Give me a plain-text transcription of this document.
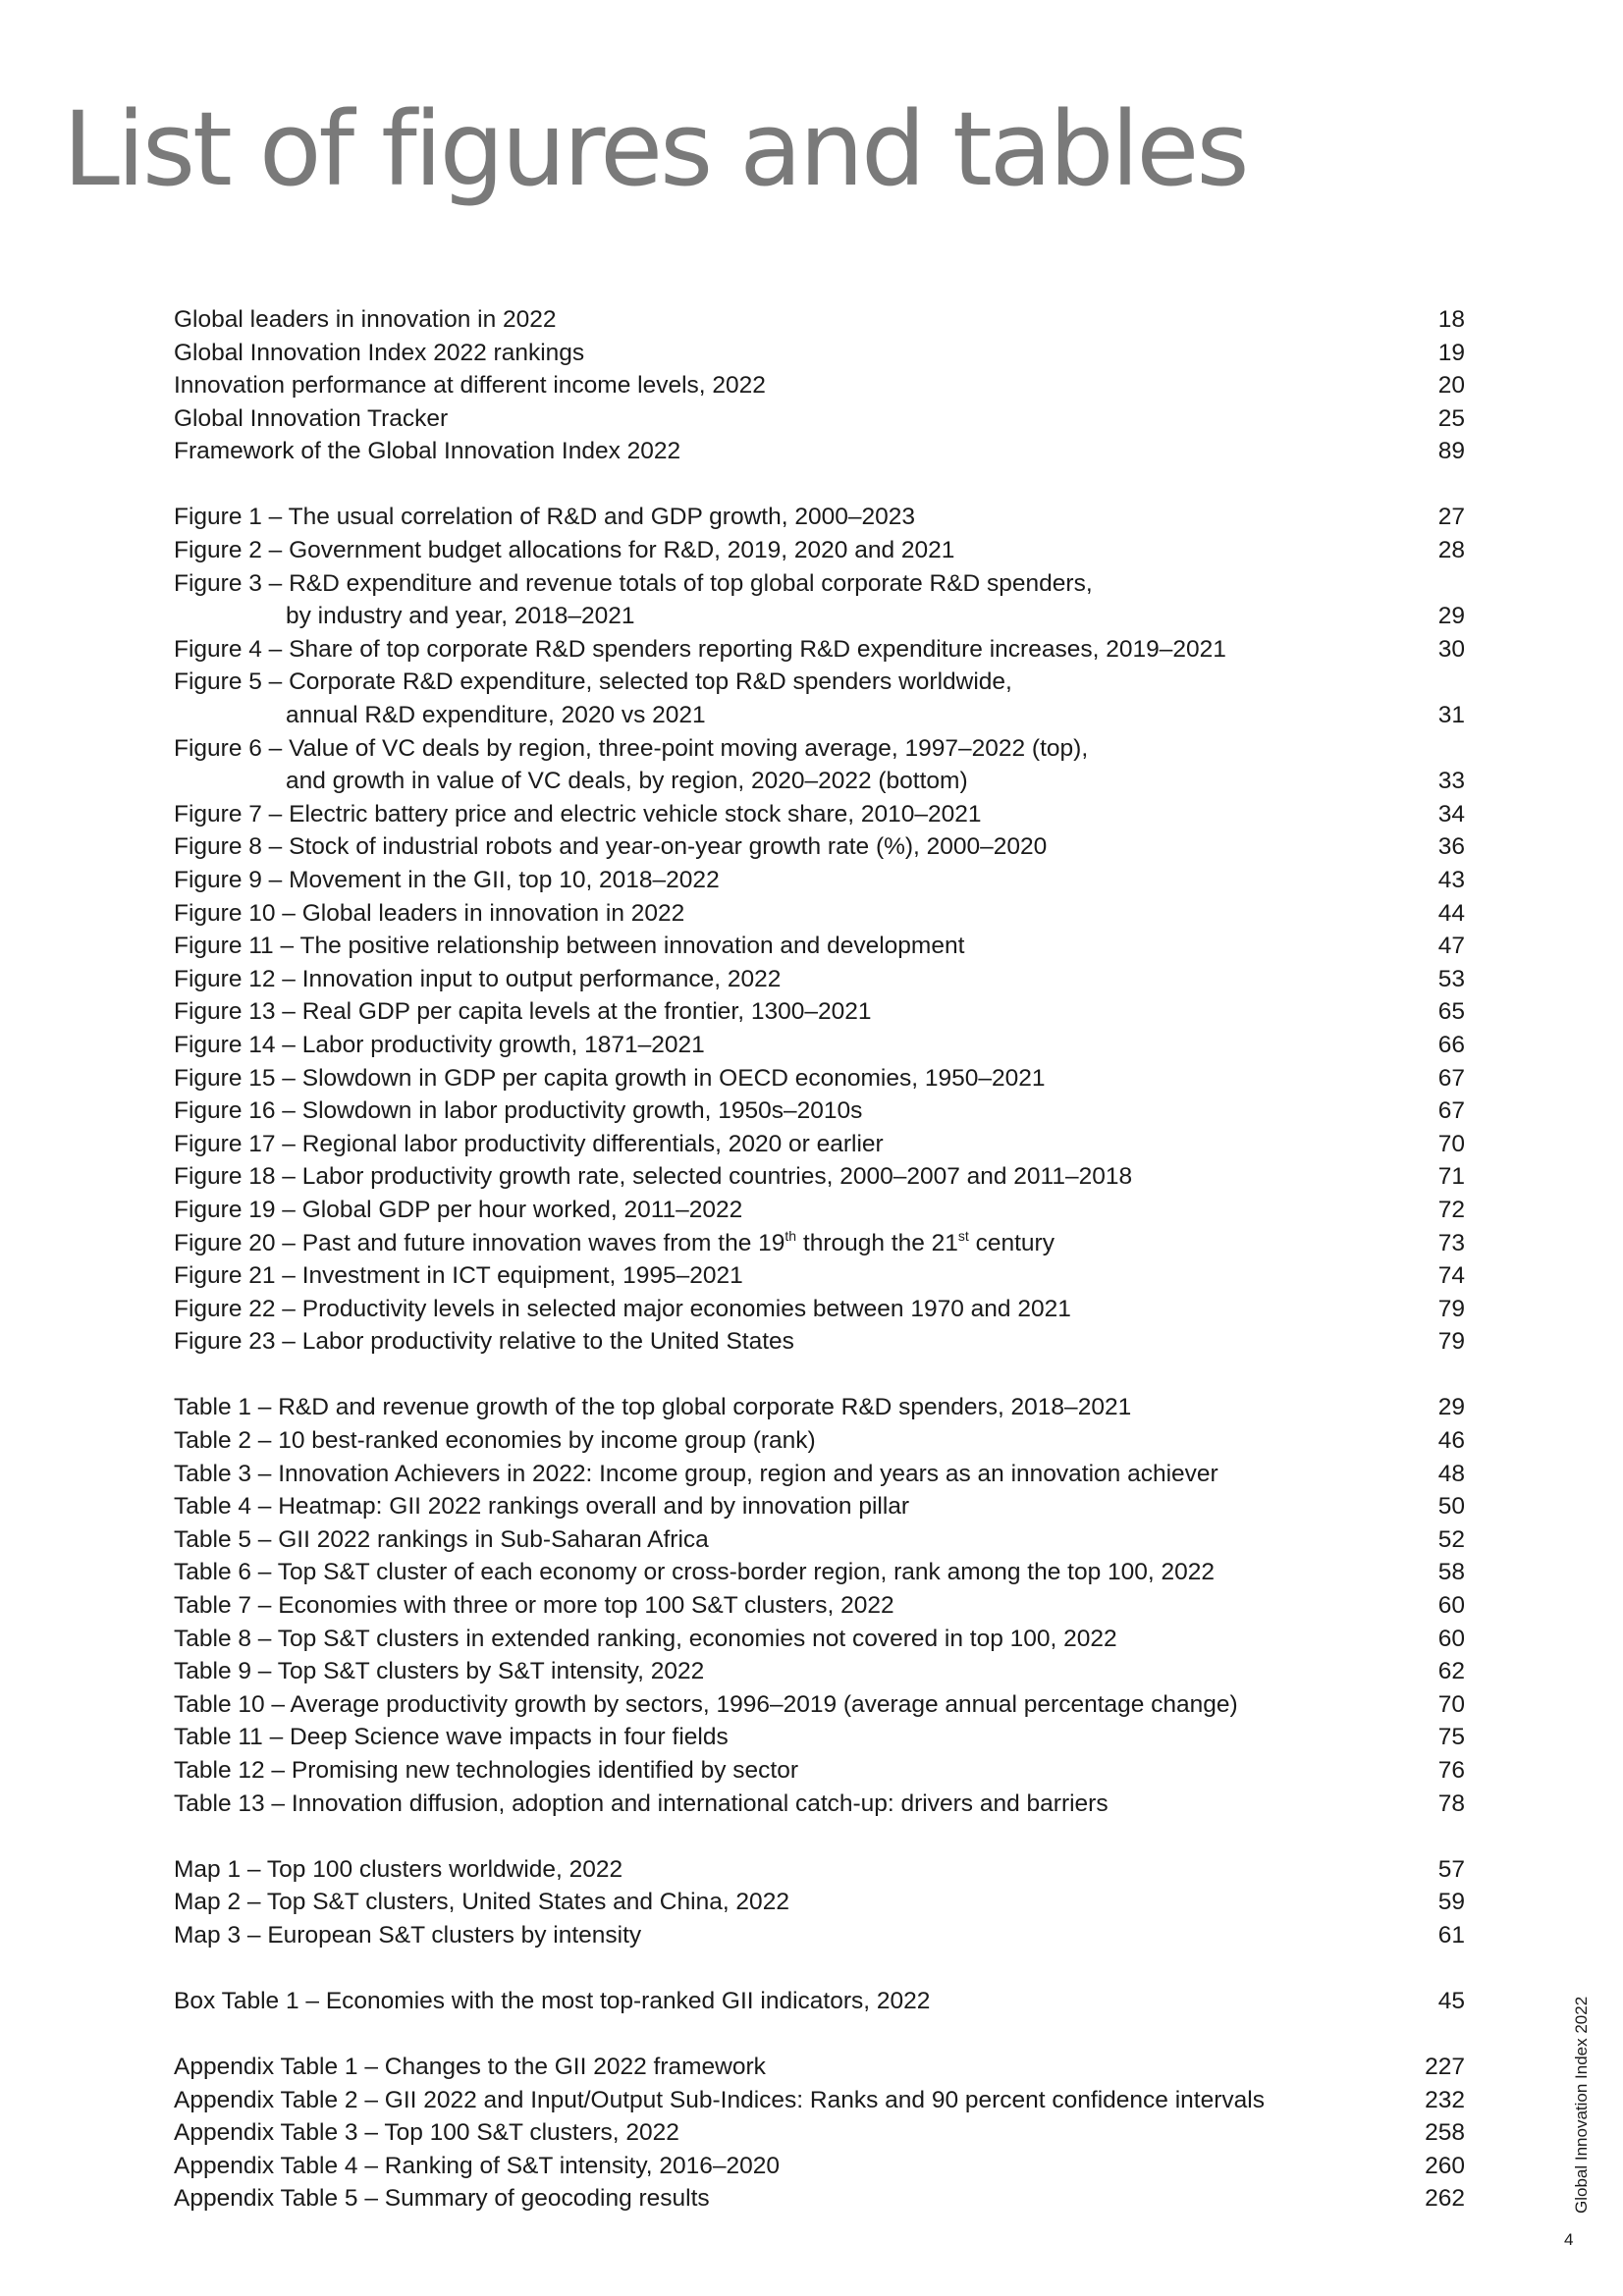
List of figures and tables
Global leaders in innovation in 2022	18
Global Innovation Index 2022 rankings	19
Innovation performance at different income levels, 2022	20
Global Innovation Tracker	25
Framework of the Global Innovation Index 2022	89
Figure 1 – The usual correlation of R&D and GDP growth, 2000–2023	27
Figure 2 – Government budget allocations for R&D, 2019, 2020 and 2021	28
Figure 3 – R&D expenditure and revenue totals of top global corporate R&D spenders,
by industry and year, 2018–2021	29
Figure 4 – Share of top corporate R&D spenders reporting R&D expenditure increases, 2019–2021	30
Figure 5 – Corporate R&D expenditure, selected top R&D spenders worldwide,
annual R&D expenditure, 2020 vs 2021	31
Figure 6 – Value of VC deals by region, three-point moving average, 1997–2022 (top),
and growth in value of VC deals, by region, 2020–2022 (bottom)	33
Figure 7 – Electric battery price and electric vehicle stock share, 2010–2021	34
Figure 8 – Stock of industrial robots and year-on-year growth rate (%), 2000–2020	36
Figure 9 – Movement in the GII, top 10, 2018–2022	43
Figure 10 – Global leaders in innovation in 2022	44
Figure 11 – The positive relationship between innovation and development	47
Figure 12 – Innovation input to output performance, 2022	53
Figure 13 – Real GDP per capita levels at the frontier, 1300–2021	65
Figure 14 – Labor productivity growth, 1871–2021	66
Figure 15 – Slowdown in GDP per capita growth in OECD economies, 1950–2021	67
Figure 16 – Slowdown in labor productivity growth, 1950s–2010s	67
Figure 17 – Regional labor productivity differentials, 2020 or earlier	70
Figure 18 – Labor productivity growth rate, selected countries, 2000–2007 and 2011–2018	71
Figure 19 – Global GDP per hour worked, 2011–2022	72
Figure 20 – Past and future innovation waves from the 19th through the 21st century	73
Figure 21 – Investment in ICT equipment, 1995–2021	74
Figure 22 – Productivity levels in selected major economies between 1970 and 2021	79
Figure 23 – Labor productivity relative to the United States	79
Table 1 – R&D and revenue growth of the top global corporate R&D spenders, 2018–2021	29
Table 2 – 10 best-ranked economies by income group (rank)	46
Table 3 – Innovation Achievers in 2022: Income group, region and years as an innovation achiever	48
Table 4 – Heatmap: GII 2022 rankings overall and by innovation pillar	50
Table 5 – GII 2022 rankings in Sub-Saharan Africa	52
Table 6 – Top S&T cluster of each economy or cross-border region, rank among the top 100, 2022	58
Table 7 – Economies with three or more top 100 S&T clusters, 2022	60
Table 8 – Top S&T clusters in extended ranking, economies not covered in top 100, 2022	60
Table 9 – Top S&T clusters by S&T intensity, 2022	62
Table 10 – Average productivity growth by sectors, 1996–2019 (average annual percentage change)	70
Table 11 – Deep Science wave impacts in four fields	75
Table 12 – Promising new technologies identified by sector	76
Table 13 – Innovation diffusion, adoption and international catch-up: drivers and barriers	78
Map 1 – Top 100 clusters worldwide, 2022	57
Map 2 – Top S&T clusters, United States and China, 2022	59
Map 3 – European S&T clusters by intensity	61
Box Table 1 – Economies with the most top-ranked GII indicators, 2022	45
Appendix Table 1 – Changes to the GII 2022 framework	227
Appendix Table 2 – GII 2022 and Input/Output Sub-Indices: Ranks and 90 percent confidence intervals	232
Appendix Table 3 – Top 100 S&T clusters, 2022	258
Appendix Table 4 – Ranking of S&T intensity, 2016–2020	260
Appendix Table 5 – Summary of geocoding results	262	Global Innovation Index 2022
4
